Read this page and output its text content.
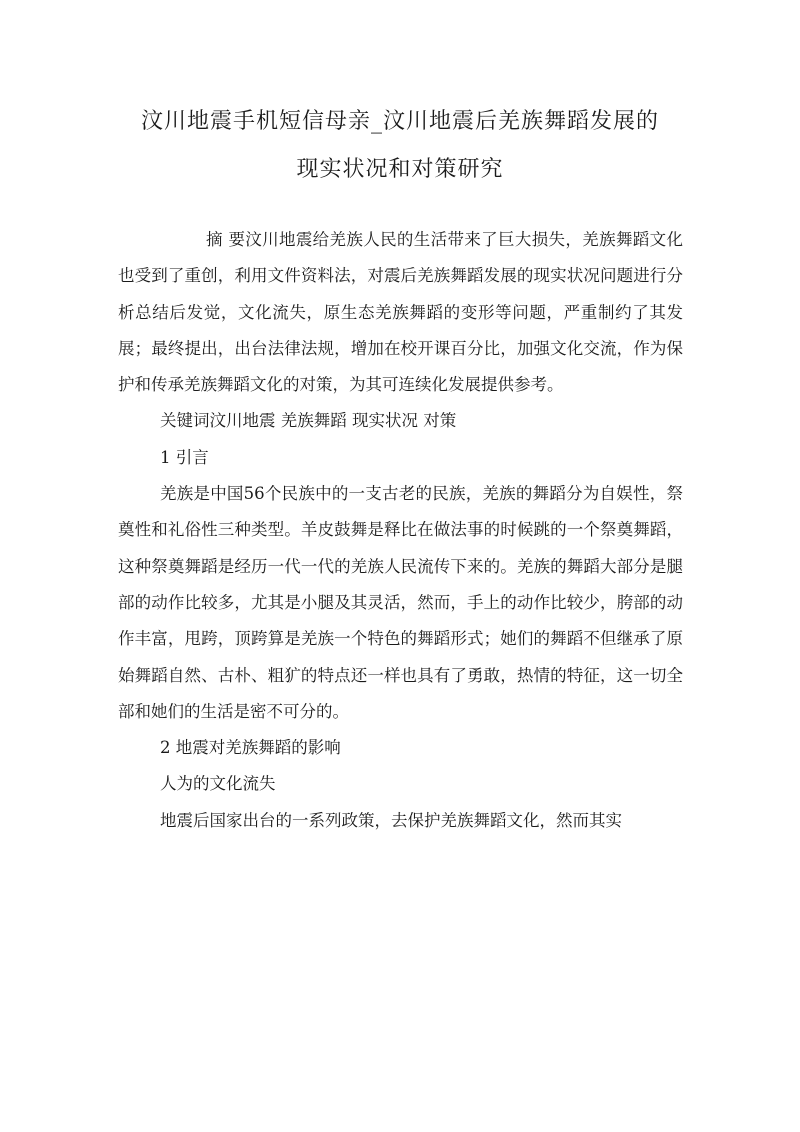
汶川地震手机短信母亲_汶川地震后羌族舞蹈发展的
现实状况和对策研究

摘 要汶川地震给羌族人民的生活带来了巨大损失，羌族舞蹈文化也受到了重创，利用文件资料法，对震后羌族舞蹈发展的现实状况问题进行分析总结后发觉，文化流失，原生态羌族舞蹈的变形等问题，严重制约了其发展；最终提出，出台法律法规，增加在校开课百分比，加强文化交流，作为保护和传承羌族舞蹈文化的对策，为其可连续化发展提供参考。

关键词汶川地震 羌族舞蹈 现实状况 对策

1 引言

羌族是中国56个民族中的一支古老的民族，羌族的舞蹈分为自娱性，祭奠性和礼俗性三种类型。羊皮鼓舞是释比在做法事的时候跳的一个祭奠舞蹈，这种祭奠舞蹈是经历一代一代的羌族人民流传下来的。羌族的舞蹈大部分是腿部的动作比较多，尤其是小腿及其灵活，然而，手上的动作比较少，胯部的动作丰富，甩跨，顶跨算是羌族一个特色的舞蹈形式；她们的舞蹈不但继承了原始舞蹈自然、古朴、粗犷的特点还一样也具有了勇敢，热情的特征，这一切全部和她们的生活是密不可分的。

2 地震对羌族舞蹈的影响

人为的文化流失

地震后国家出台的一系列政策，去保护羌族舞蹈文化，然而其实
